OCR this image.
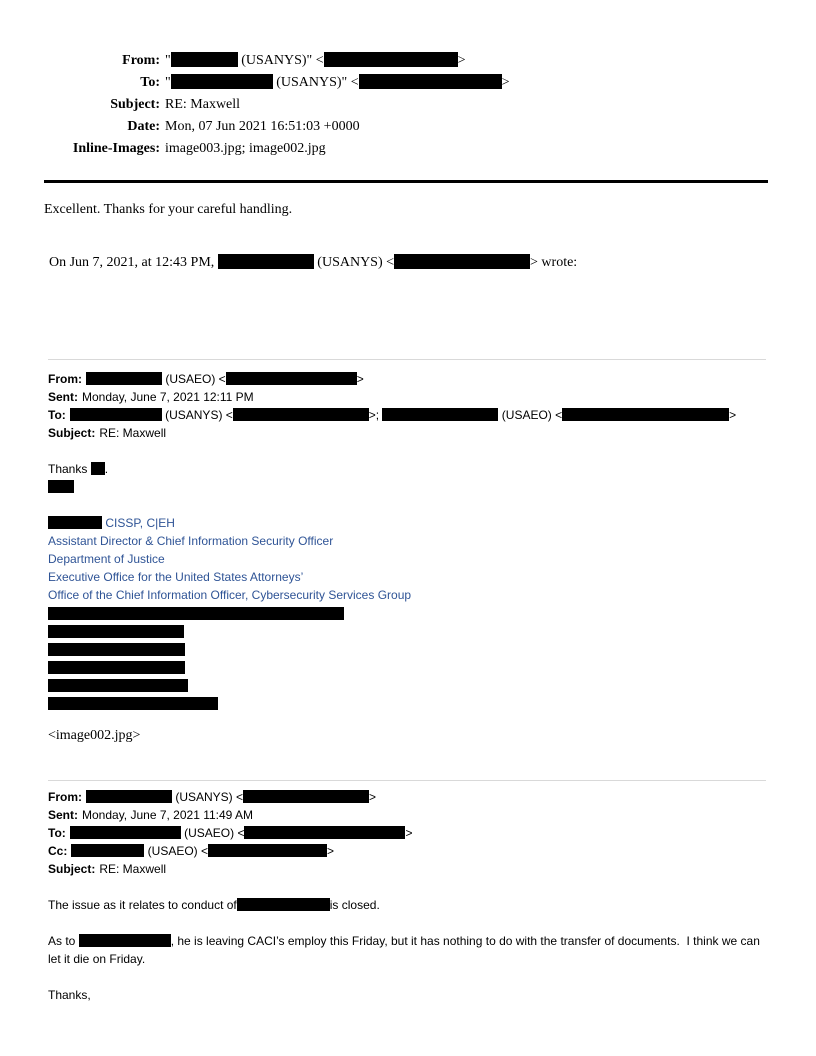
From: "	(USANYS)" <	>
To: "	(USANYS)" <	>
Subject: RE: Maxwell
Date: Mon, 07 Jun 2021 16:51:03 +0000
Inline-Images: image003.jpg; image002.jpg
Excellent. Thanks for your careful handling.
On Jun 7, 2021, at 12:43 PM,	(USANYS) <	> wrote:
From:	(USAEO) <	>
Sent: Monday, June 7, 2021 12:11 PM
To:	(USANYS) <	>;	(USAEO) <	>
Subject: RE: Maxwell
Thanks .
CISSP, C|EH
Assistant Director & Chief Information Security Officer
Department of Justice
Executive Office for the United States Attorneys’
Office of the Chief Information Officer, Cybersecurity Services Group
<image002.jpg>
From:	(USANYS) <	>
Sent: Monday, June 7, 2021 11:49 AM
To:	(USAEO) <	>
Cc:	(USAEO) <	>
Subject: RE: Maxwell
The issue as it relates to conduct of	is closed.
As to	, he is leaving CACI’s employ this Friday, but it has nothing to do with the transfer of documents.  I think we can let it die on Friday.
Thanks,
